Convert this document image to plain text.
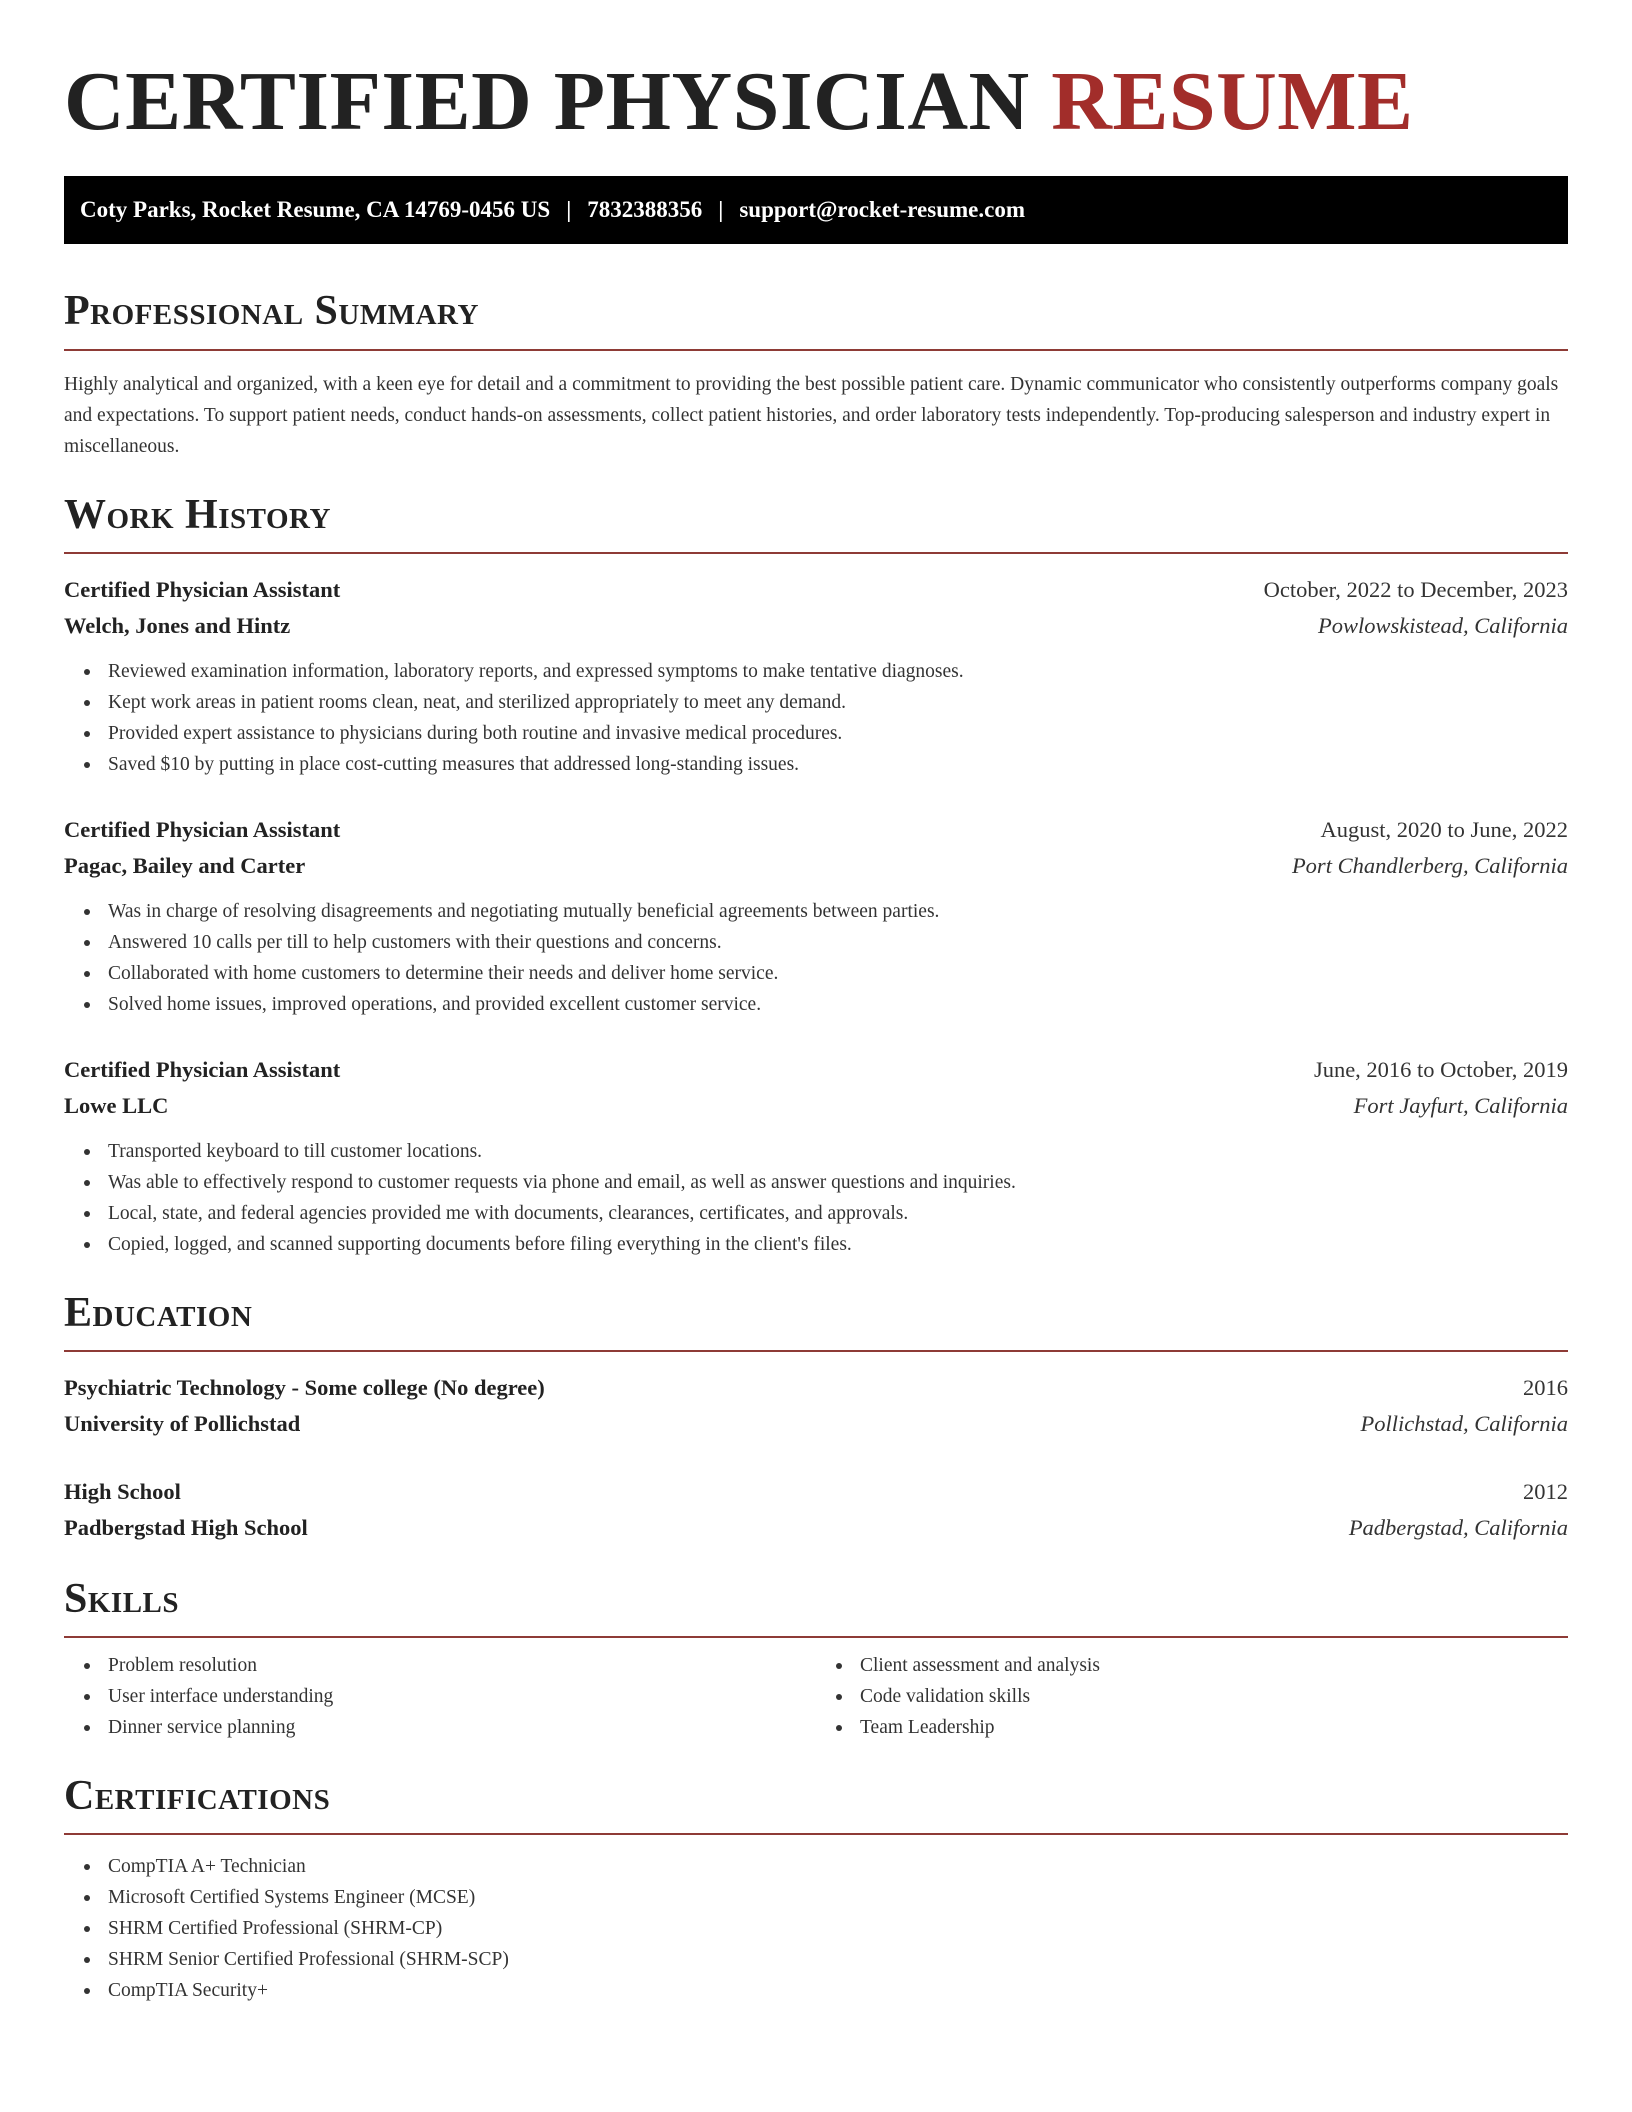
CERTIFIED PHYSICIAN RESUME
Coty Parks, Rocket Resume, CA 14769-0456 US | 7832388356 | support@rocket-resume.com
Professional Summary

Highly analytical and organized, with a keen eye for detail and a commitment to providing the best possible patient care. Dynamic communicator who consistently outperforms company goals and expectations. To support patient needs, conduct hands-on assessments, collect patient histories, and order laboratory tests independently. Top-producing salesperson and industry expert in miscellaneous.

Work History
Certified Physician Assistant	October, 2022 to December, 2023
Welch, Jones and Hintz	Powlowskistead, California
Reviewed examination information, laboratory reports, and expressed symptoms to make tentative diagnoses.
Kept work areas in patient rooms clean, neat, and sterilized appropriately to meet any demand.
Provided expert assistance to physicians during both routine and invasive medical procedures.
Saved $10 by putting in place cost-cutting measures that addressed long-standing issues.
Certified Physician Assistant	August, 2020 to June, 2022
Pagac, Bailey and Carter	Port Chandlerberg, California
Was in charge of resolving disagreements and negotiating mutually beneficial agreements between parties.
Answered 10 calls per till to help customers with their questions and concerns.
Collaborated with home customers to determine their needs and deliver home service.
Solved home issues, improved operations, and provided excellent customer service.
Certified Physician Assistant	June, 2016 to October, 2019
Lowe LLC	Fort Jayfurt, California
Transported keyboard to till customer locations.
Was able to effectively respond to customer requests via phone and email, as well as answer questions and inquiries.
Local, state, and federal agencies provided me with documents, clearances, certificates, and approvals.
Copied, logged, and scanned supporting documents before filing everything in the client's files.
Education
Psychiatric Technology - Some college (No degree)	2016
University of Pollichstad	Pollichstad, California
High School	2012
Padbergstad High School	Padbergstad, California
Skills
Problem resolution
User interface understanding
Dinner service planning
Client assessment and analysis
Code validation skills
Team Leadership
Certifications
CompTIA A+ Technician
Microsoft Certified Systems Engineer (MCSE)
SHRM Certified Professional (SHRM-CP)
SHRM Senior Certified Professional (SHRM-SCP)
CompTIA Security+
